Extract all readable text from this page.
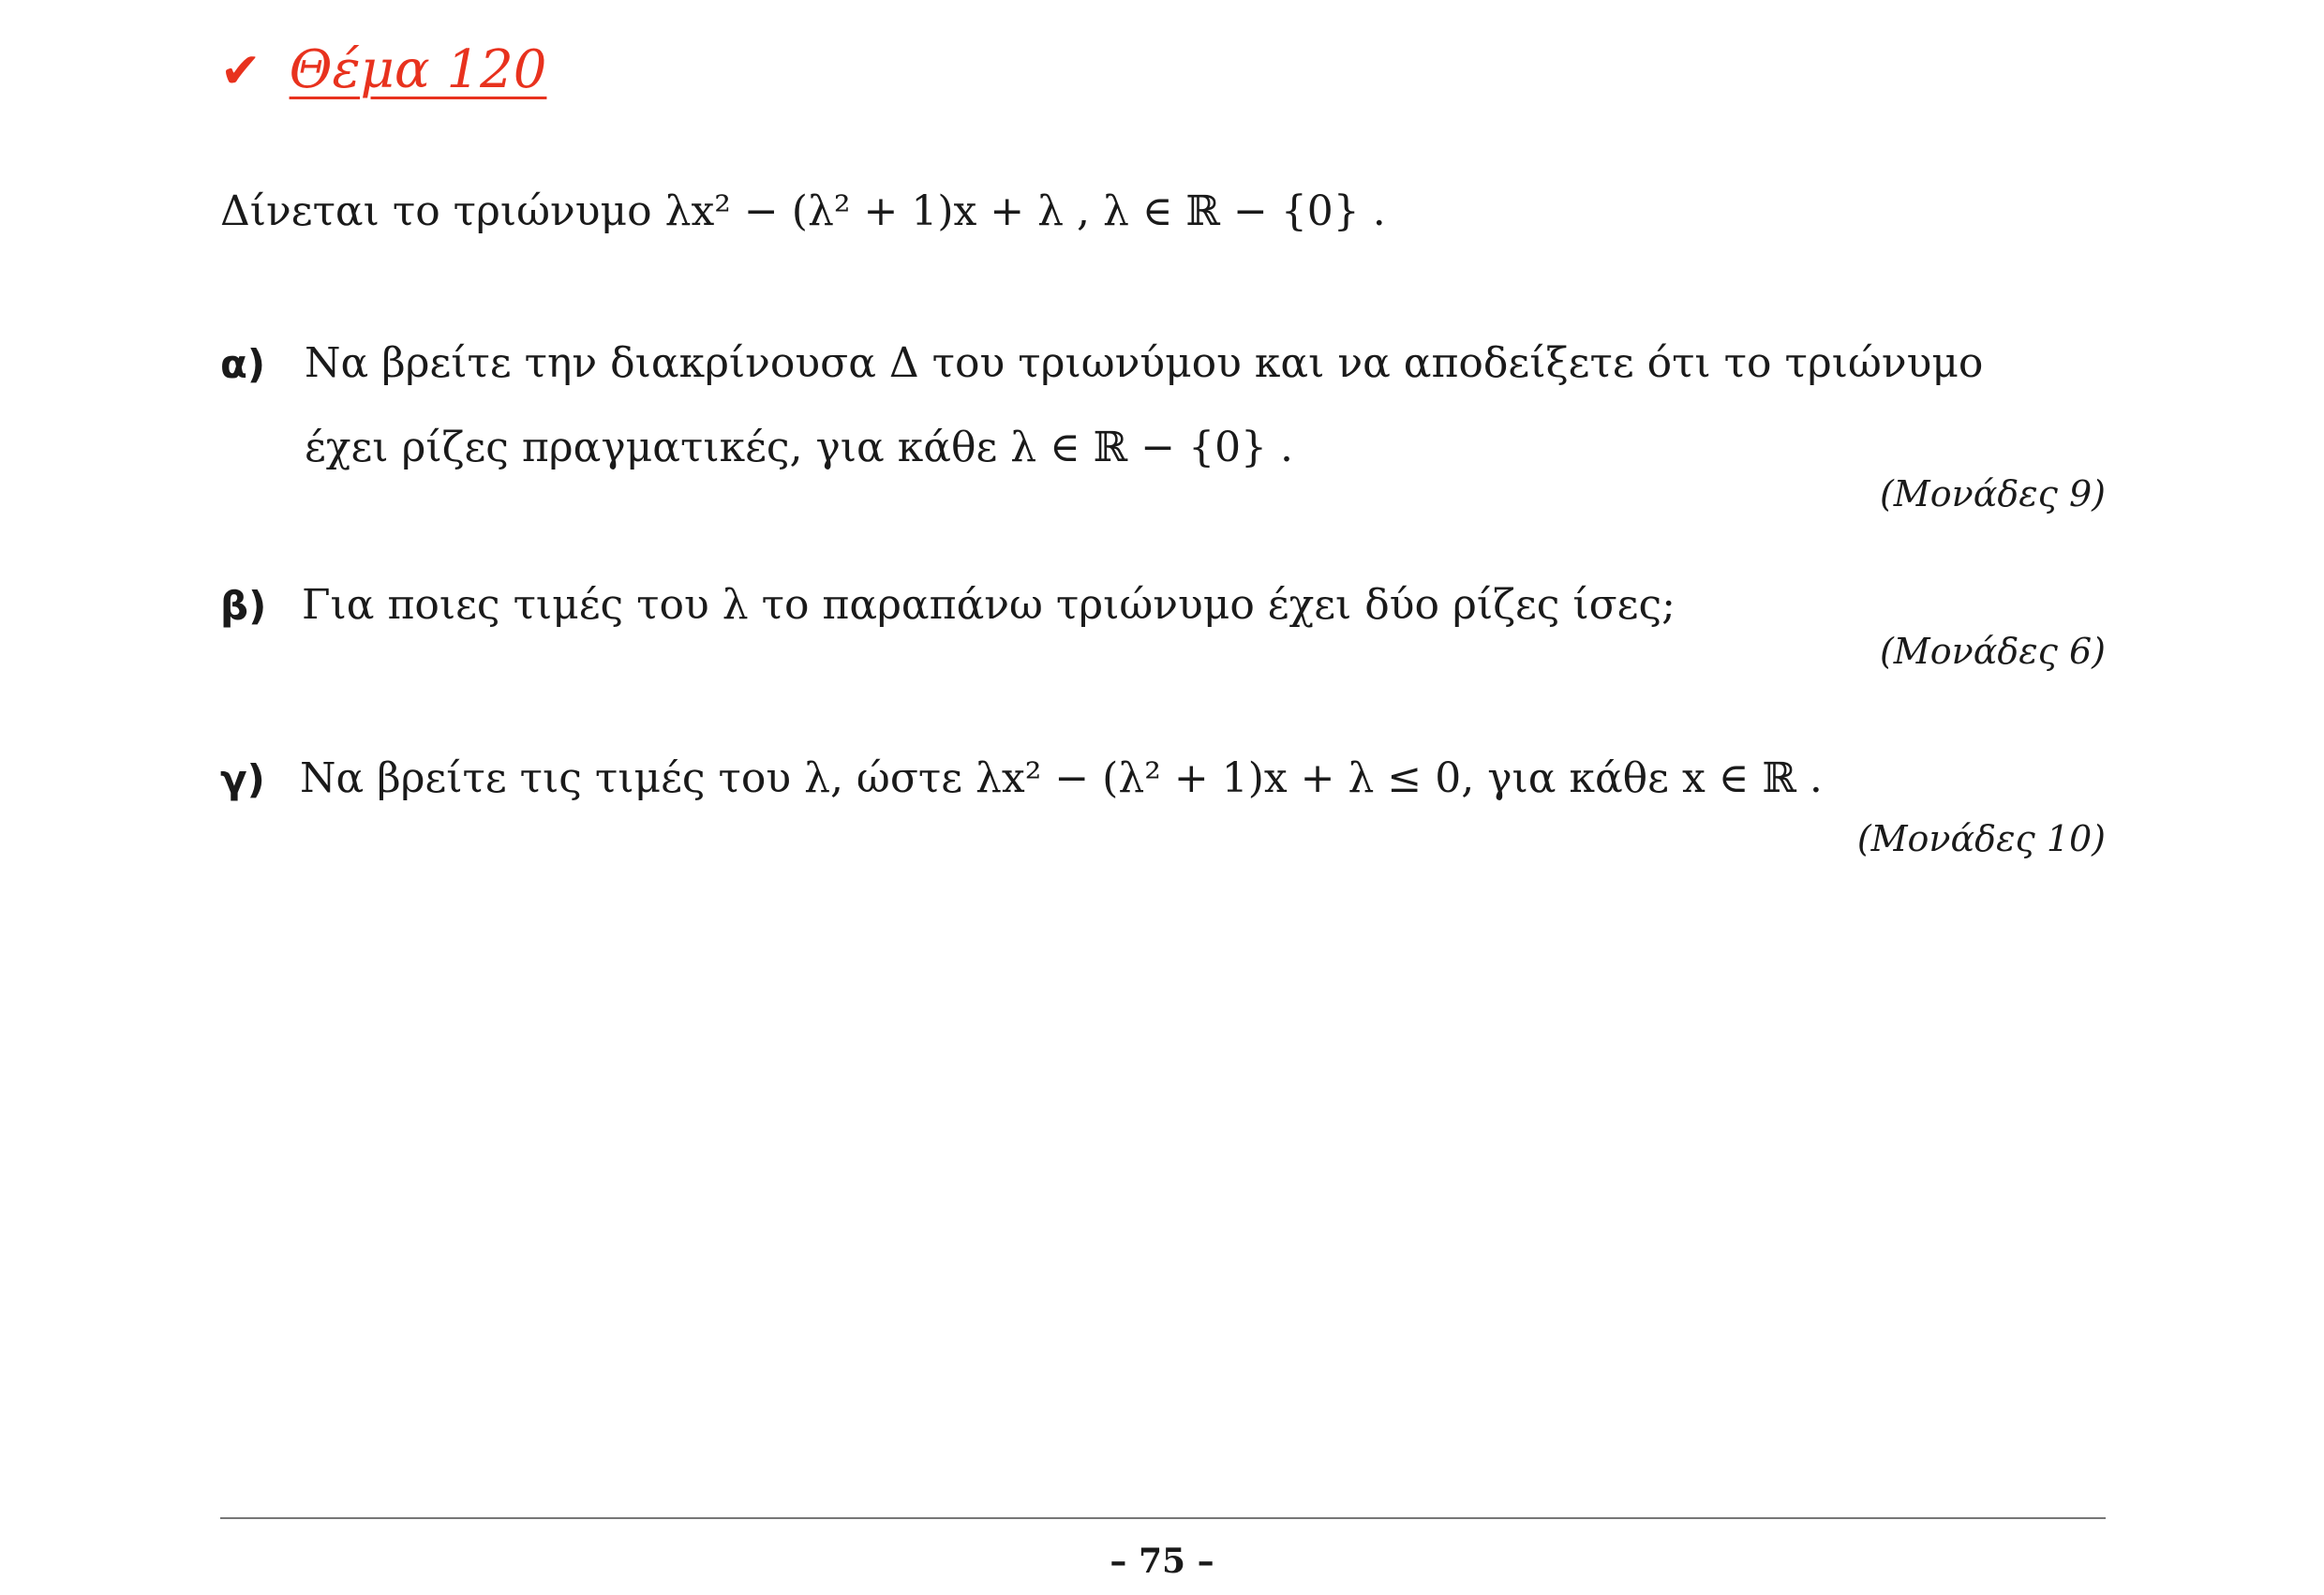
✔ Θέμα 120
Δίνεται το τριώνυμο λx² − (λ² + 1)x + λ , λ ∈ ℝ − {0} .
α) Να βρείτε την διακρίνουσα Δ του τριωνύμου και να αποδείξετε ότι το τριώνυμο
έχει ρίζες πραγματικές, για κάθε λ ∈ ℝ − {0} .
(Μονάδες 9)
β) Για ποιες τιμές του λ το παραπάνω τριώνυμο έχει δύο ρίζες ίσες;
(Μονάδες 6)
γ) Να βρείτε τις τιμές του λ, ώστε λx² − (λ² + 1)x + λ ≤ 0, για κάθε x ∈ ℝ .
(Μονάδες 10)
– 75 –
